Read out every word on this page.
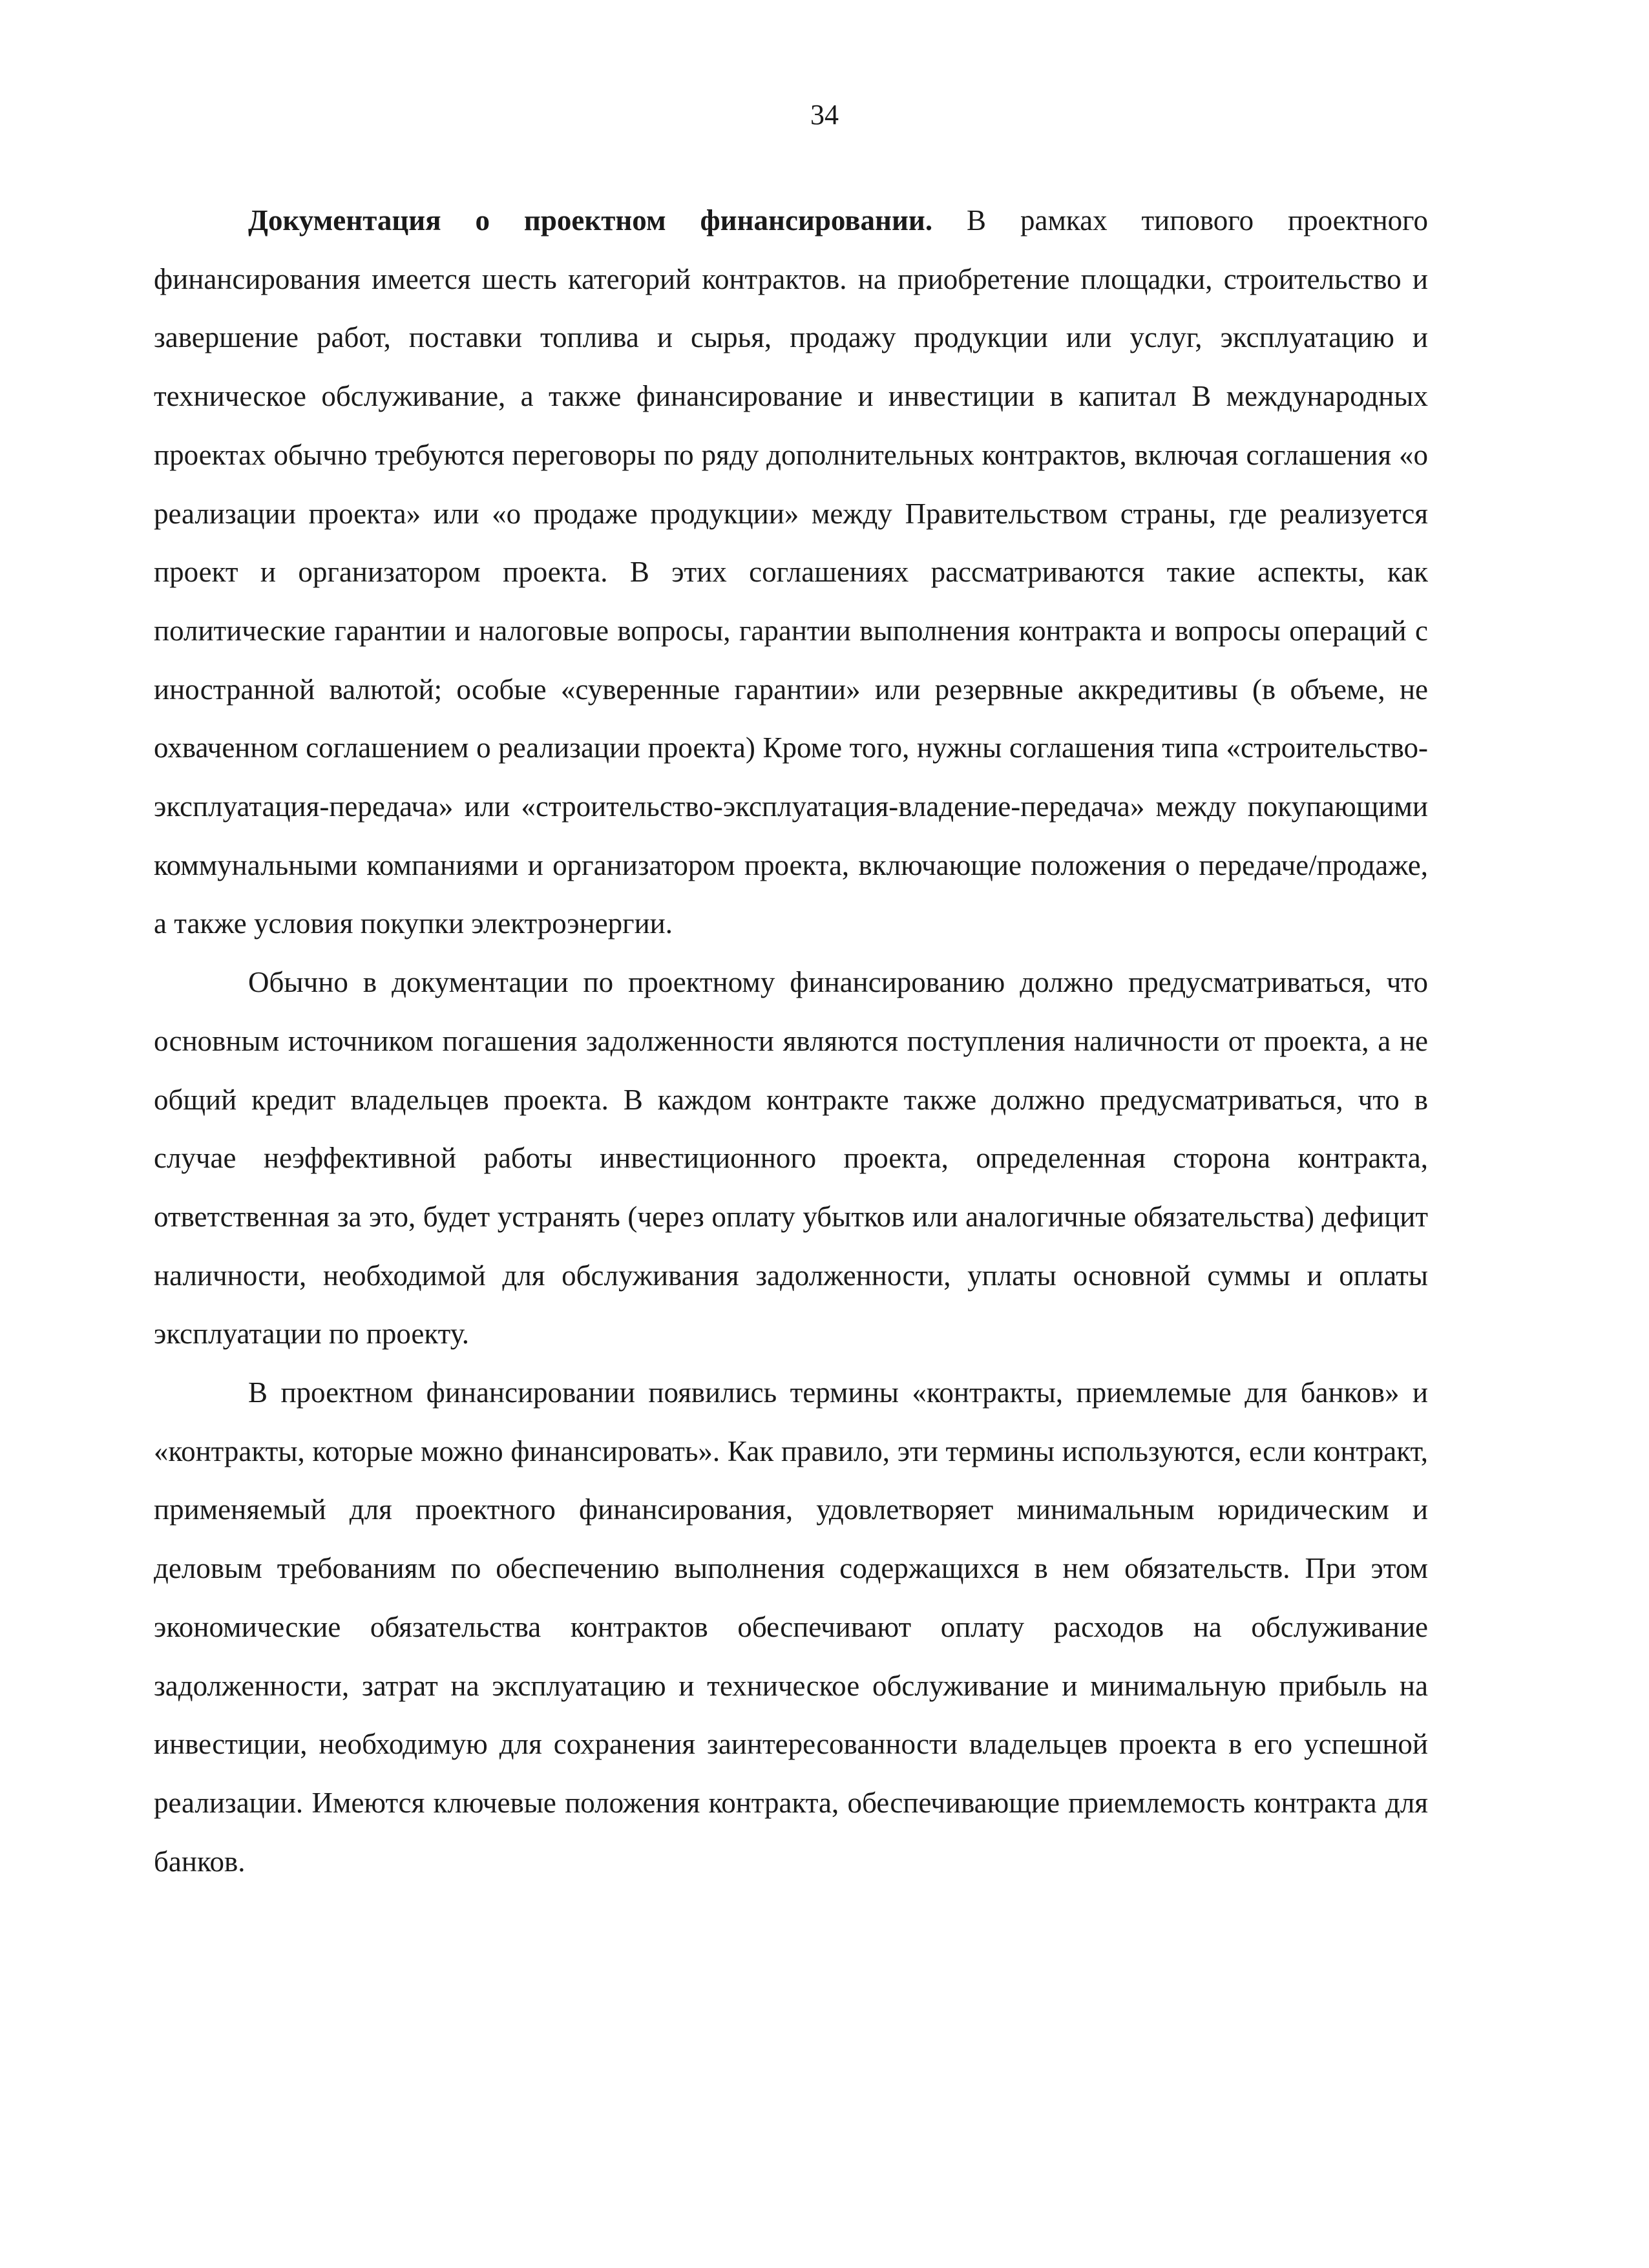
34

Документация о проектном финансировании. В рамках типового проектного финансирования имеется шесть категорий контрактов. на приобретение площадки, строительство и завершение работ, поставки топлива и сырья, продажу продукции или услуг, эксплуатацию и техническое обслуживание, а также финансирование и инвестиции в капитал В международных проектах обычно требуются переговоры по ряду дополнительных контрактов, включая соглашения «о реализации проекта» или «о продаже продукции» между Правительством страны, где реализуется проект и организатором проекта. В этих соглашениях рассматриваются такие аспекты, как политические гарантии и налоговые вопросы, гарантии выполнения контракта и вопросы операций с иностранной валютой; особые «суверенные гарантии» или резервные аккредитивы (в объеме, не охваченном соглашением о реализации проекта) Кроме того, нужны соглашения типа «строительство-эксплуатация-передача» или «строительство-эксплуатация-владение-передача» между покупающими коммунальными компаниями и организатором проекта, включающие положения о передаче/продаже, а также условия покупки электроэнергии.

Обычно в документации по проектному финансированию должно предусматриваться, что основным источником погашения задолженности являются поступления наличности от проекта, а не общий кредит владельцев проекта. В каждом контракте также должно предусматриваться, что в случае неэффективной работы инвестиционного проекта, определенная сторона контракта, ответственная за это, будет устранять (через оплату убытков или аналогичные обязательства) дефицит наличности, необходимой для обслуживания задолженности, уплаты основной суммы и оплаты эксплуатации по проекту.

В проектном финансировании появились термины «контракты, приемлемые для банков» и «контракты, которые можно финансировать». Как правило, эти термины используются, если контракт, применяемый для проектного финансирования, удовлетворяет минимальным юридическим и деловым требованиям по обеспечению выполнения содержащихся в нем обязательств. При этом экономические обязательства контрактов обеспечивают оплату расходов на обслуживание задолженности, затрат на эксплуатацию и техническое обслуживание и минимальную прибыль на инвестиции, необходимую для сохранения заинтересованности владельцев проекта в его успешной реализации. Имеются ключевые положения контракта, обеспечивающие приемлемость контракта для банков.
